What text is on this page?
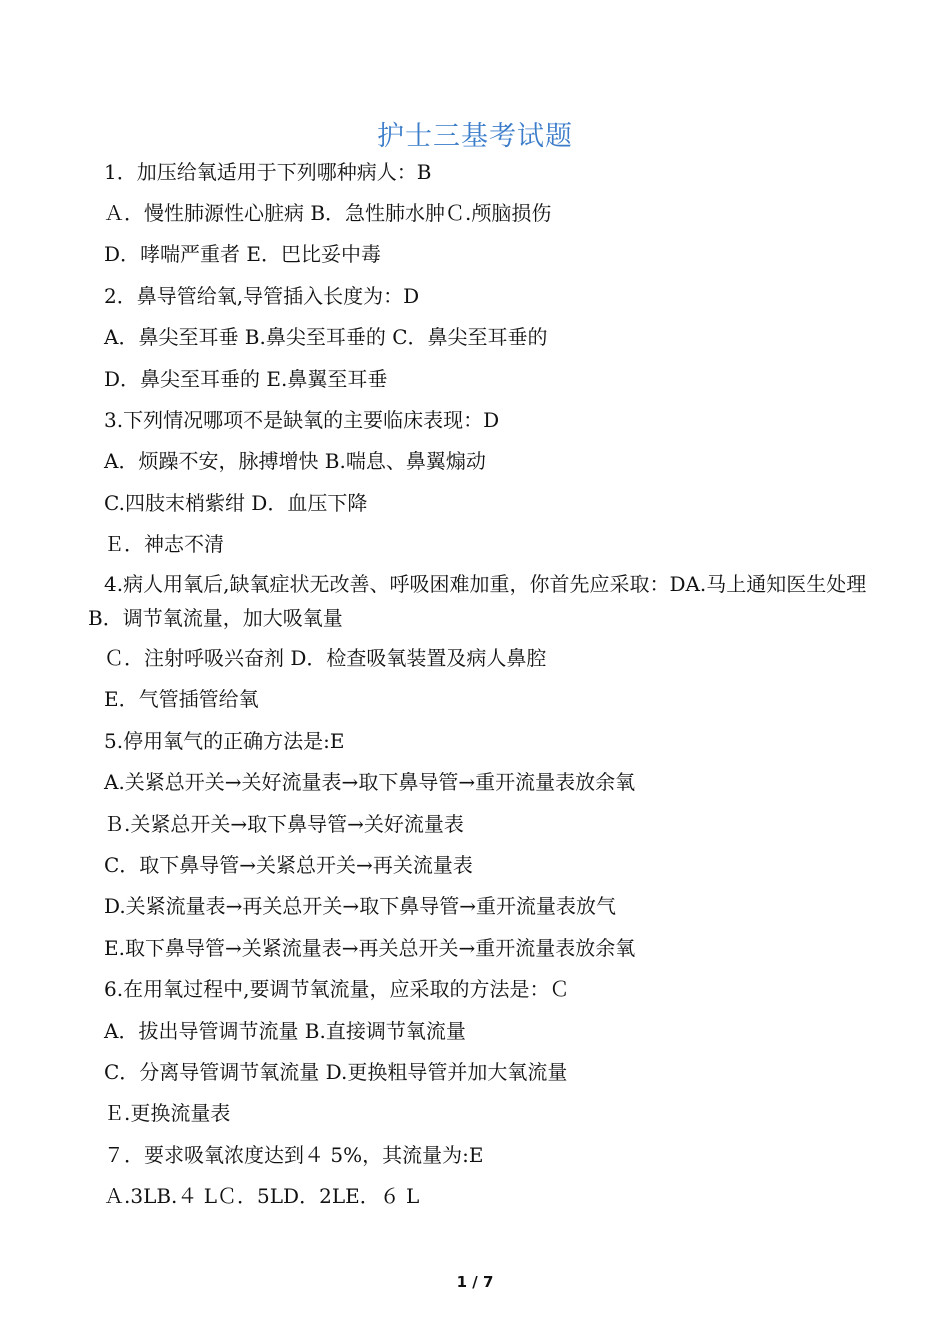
护士三基考试题
1．加压给氧适用于下列哪种病人：B
Ａ．慢性肺源性心脏病 B．急性肺水肿Ｃ.颅脑损伤
D．哮喘严重者 E．巴比妥中毒
2．鼻导管给氧,导管插入长度为：D
A．鼻尖至耳垂 B.鼻尖至耳垂的 C．鼻尖至耳垂的
D．鼻尖至耳垂的 E.鼻翼至耳垂
3.下列情况哪项不是缺氧的主要临床表现：D
A．烦躁不安，脉搏增快 B.喘息、鼻翼煽动
C.四肢末梢紫绀 D．血压下降
Ｅ．神志不清
4.病人用氧后,缺氧症状无改善、呼吸困难加重，你首先应采取：DA.马上通知医生处理 B．调节氧流量，加大吸氧量
Ｃ．注射呼吸兴奋剂 D．检查吸氧装置及病人鼻腔
E．气管插管给氧
5.停用氧气的正确方法是:E
A.关紧总开关→关好流量表→取下鼻导管→重开流量表放余氧
Ｂ.关紧总开关→取下鼻导管→关好流量表
C．取下鼻导管→关紧总开关→再关流量表
D.关紧流量表→再关总开关→取下鼻导管→重开流量表放气
E.取下鼻导管→关紧流量表→再关总开关→重开流量表放余氧
6.在用氧过程中,要调节氧流量，应采取的方法是：Ｃ
A．拔出导管调节流量 B.直接调节氧流量
C．分离导管调节氧流量 D.更换粗导管并加大氧流量
Ｅ.更换流量表
７．要求吸氧浓度达到４ 5%，其流量为:E
Ａ.3LB.４ LＣ．5LD．2LE．６ L
1 / 7
